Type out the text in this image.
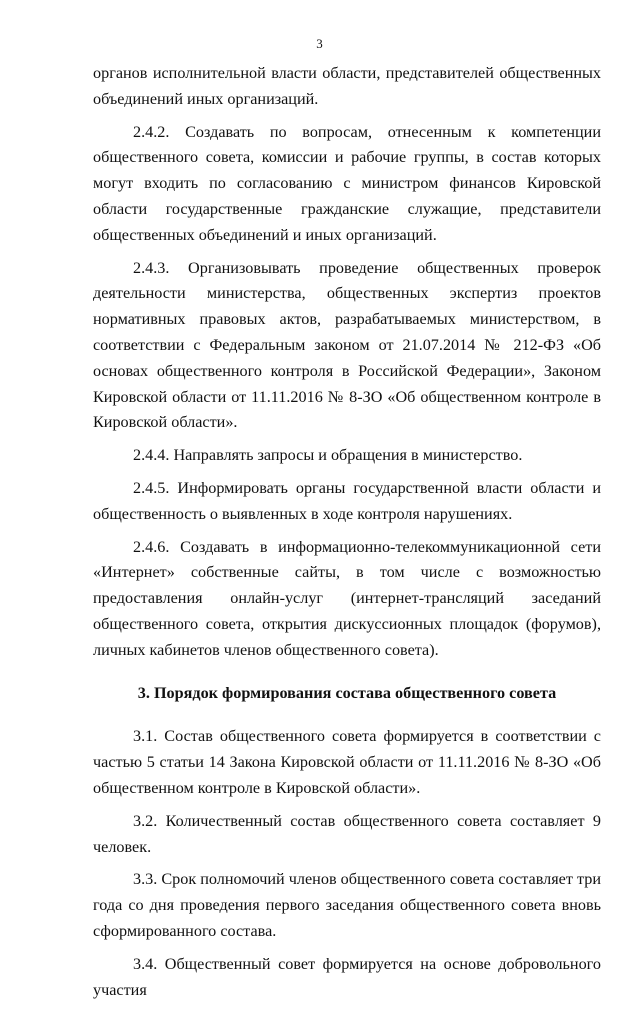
3

органов исполнительной власти области, представителей общественных объединений иных организаций.

2.4.2. Создавать по вопросам, отнесенным к компетенции общественного совета, комиссии и рабочие группы, в состав которых могут входить по согласованию с министром финансов Кировской области государственные гражданские служащие, представители общественных объединений и иных организаций.

2.4.3. Организовывать проведение общественных проверок деятельности министерства, общественных экспертиз проектов нормативных правовых актов, разрабатываемых министерством, в соответствии с Федеральным законом от 21.07.2014 № 212-ФЗ «Об основах общественного контроля в Российской Федерации», Законом Кировской области от 11.11.2016 № 8-ЗО «Об общественном контроле в Кировской области».

2.4.4. Направлять запросы и обращения в министерство.

2.4.5. Информировать органы государственной власти области и общественность о выявленных в ходе контроля нарушениях.

2.4.6. Создавать в информационно-телекоммуникационной сети «Интернет» собственные сайты, в том числе с возможностью предоставления онлайн-услуг (интернет-трансляций заседаний общественного совета, открытия дискуссионных площадок (форумов), личных кабинетов членов общественного совета).

3. Порядок формирования состава общественного совета

3.1. Состав общественного совета формируется в соответствии с частью 5 статьи 14 Закона Кировской области от 11.11.2016 № 8-ЗО «Об общественном контроле в Кировской области».

3.2. Количественный состав общественного совета составляет 9 человек.

3.3. Срок полномочий членов общественного совета составляет три года со дня проведения первого заседания общественного совета вновь сформированного состава.

3.4. Общественный совет формируется на основе добровольного участия
